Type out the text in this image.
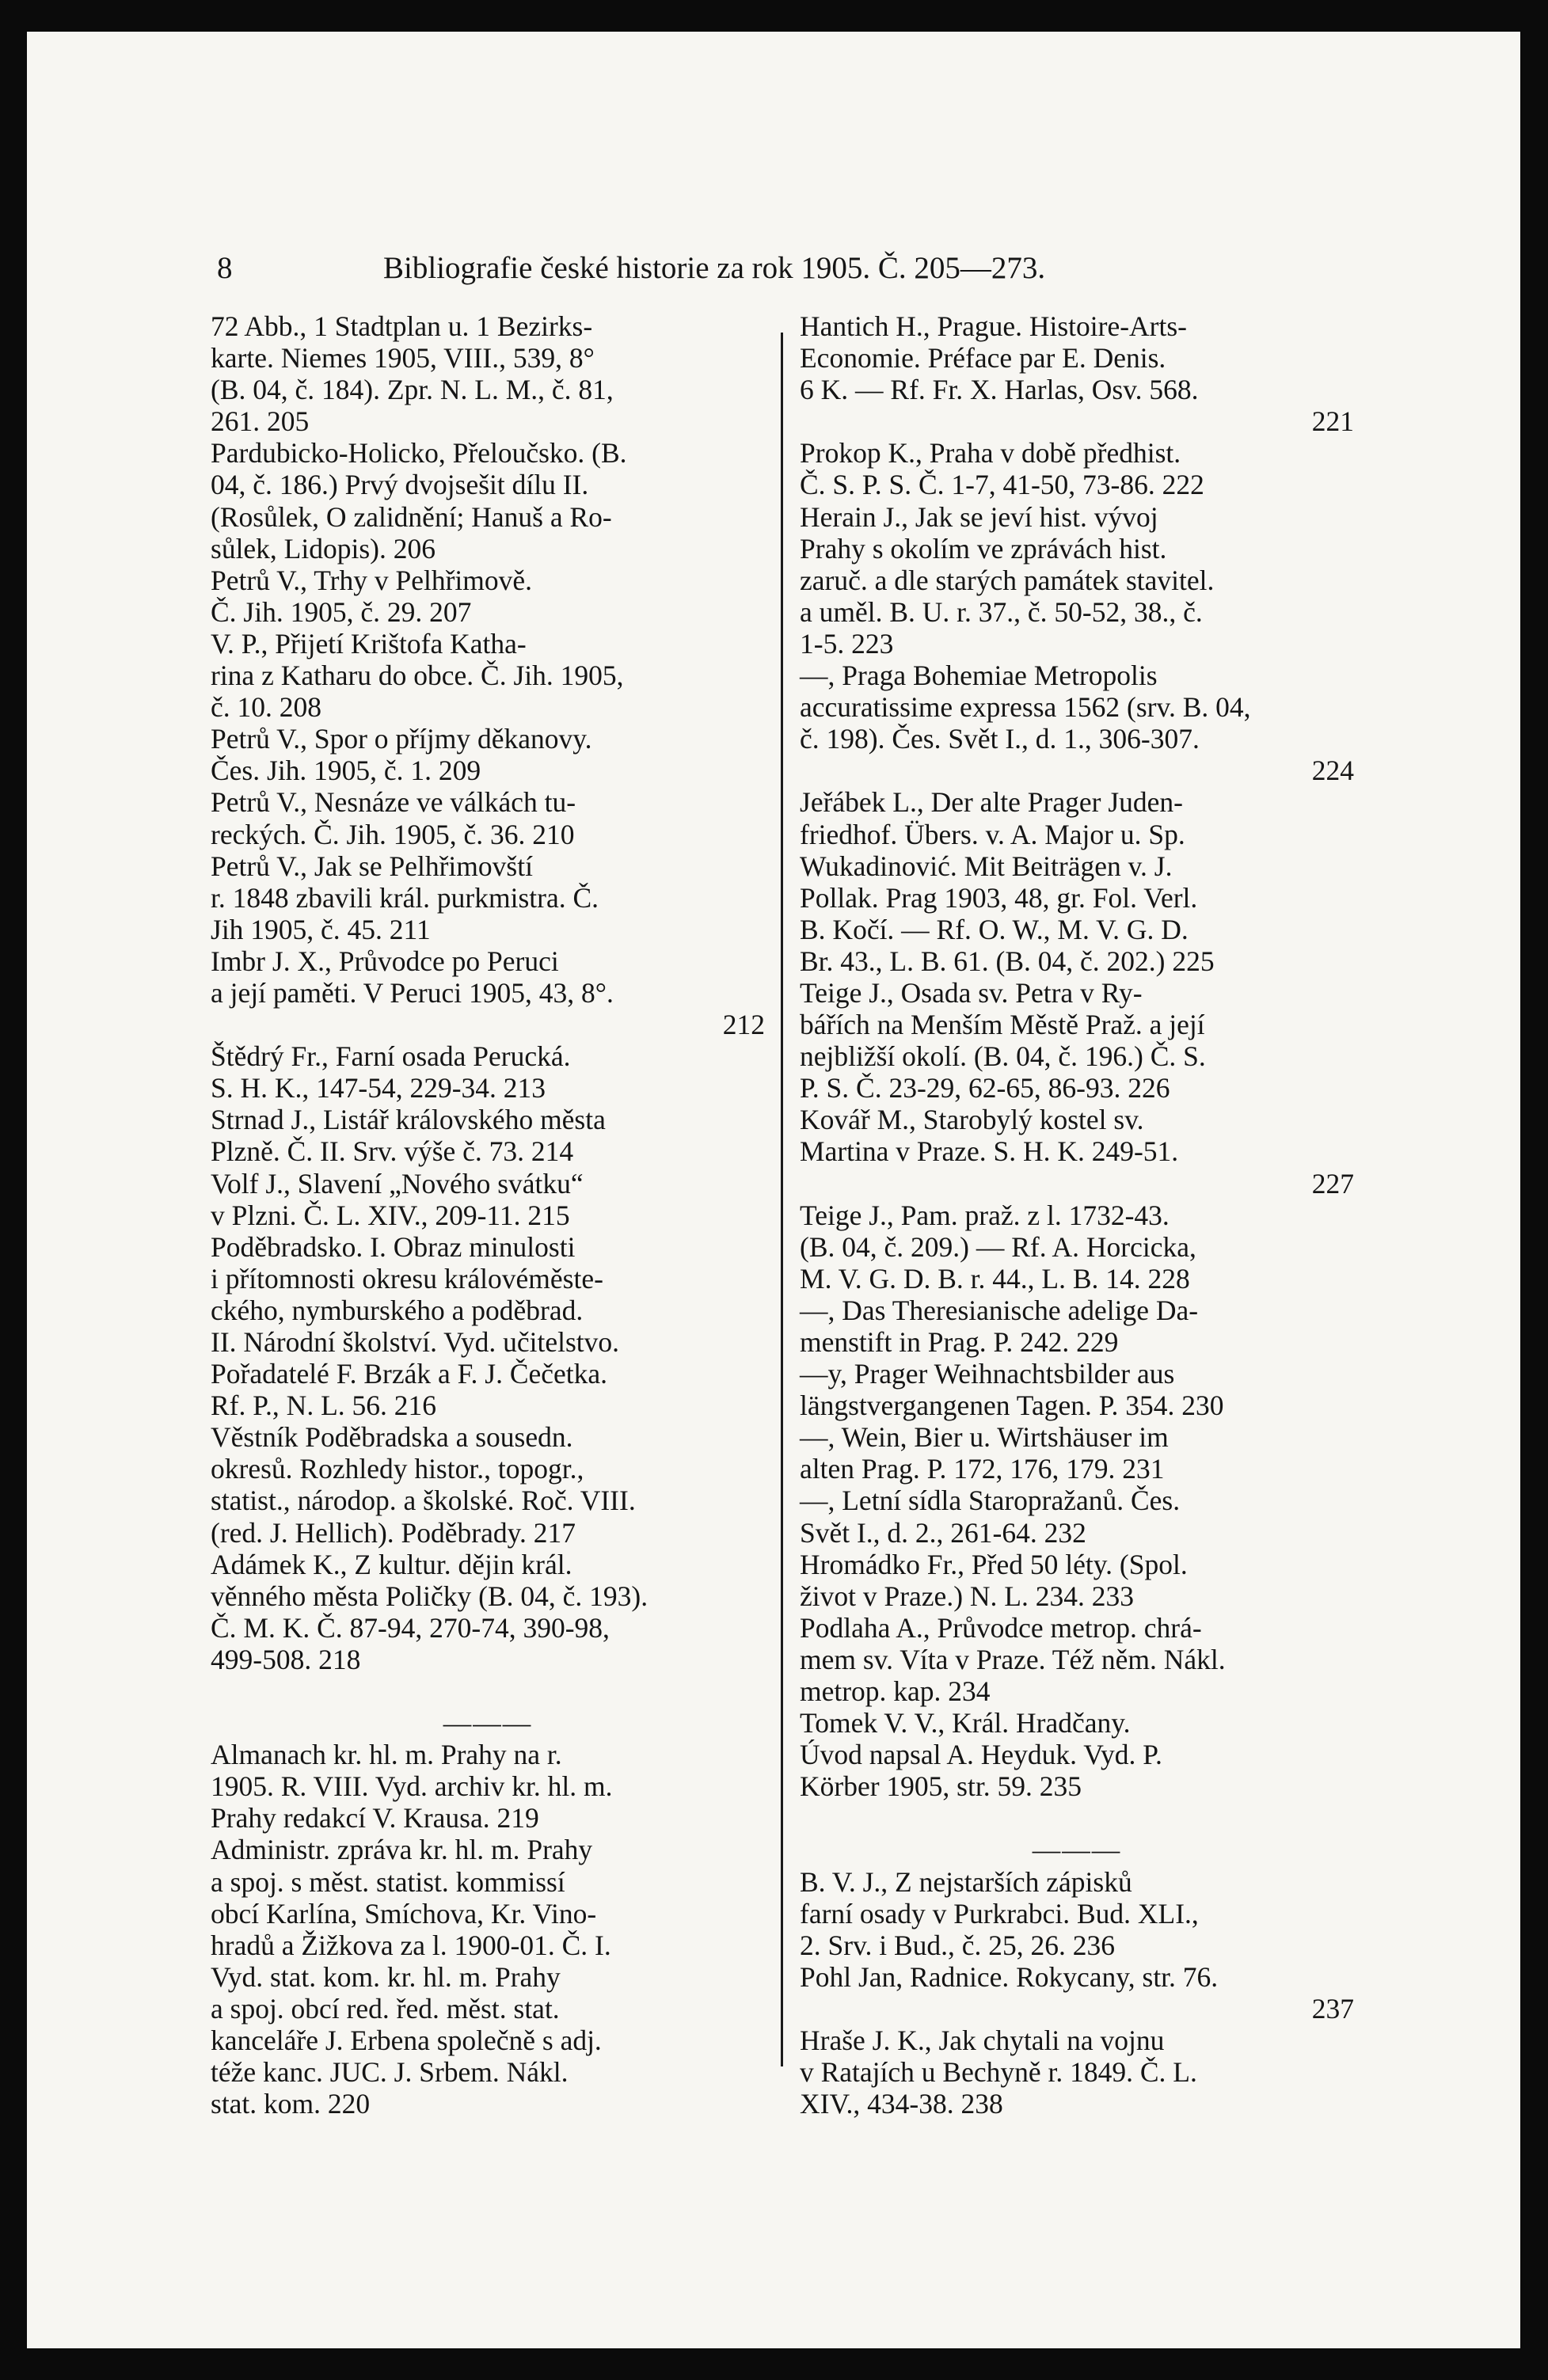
8	Bibliografie české historie za rok 1905. Č. 205—273.
72 Abb., 1 Stadtplan u. 1 Bezirks-
karte. Niemes 1905, VIII., 539, 8°
(B. 04, č. 184). Zpr. N. L. M., č. 81,
261. 205
Pardubicko-Holicko, Přeloučsko. (B.
04, č. 186.) Prvý dvojsešit dílu II.
(Rosůlek, O zalidnění; Hanuš a Ro-
sůlek, Lidopis). 206
Petrů V., Trhy v Pelhřimově.
Č. Jih. 1905, č. 29. 207
V. P., Přijetí Krištofa Katha-
rina z Katharu do obce. Č. Jih. 1905,
č. 10. 208
Petrů V., Spor o příjmy děkanovy.
Čes. Jih. 1905, č. 1. 209
Petrů V., Nesnáze ve válkách tu-
reckých. Č. Jih. 1905, č. 36. 210
Petrů V., Jak se Pelhřimovští
r. 1848 zbavili král. purkmistra. Č.
Jih 1905, č. 45. 211
Imbr J. X., Průvodce po Peruci
a její paměti. V Peruci 1905, 43, 8°.
212
Štědrý Fr., Farní osada Perucká.
S. H. K., 147-54, 229-34. 213
Strnad J., Listář královského města
Plzně. Č. II. Srv. výše č. 73. 214
Volf J., Slavení „Nového svátku“
v Plzni. Č. L. XIV., 209-11. 215
Poděbradsko. I. Obraz minulosti
i přítomnosti okresu královéměste-
ckého, nymburského a poděbrad.
II. Národní školství. Vyd. učitelstvo.
Pořadatelé F. Brzák a F. J. Čečetka.
Rf. P., N. L. 56. 216
Věstník Poděbradska a sousedn.
okresů. Rozhledy histor., topogr.,
statist., národop. a školské. Roč. VIII.
(red. J. Hellich). Poděbrady. 217
Adámek K., Z kultur. dějin král.
věnného města Poličky (B. 04, č. 193).
Č. M. K. Č. 87-94, 270-74, 390-98,
499-508. 218
———
Almanach kr. hl. m. Prahy na r.
1905. R. VIII. Vyd. archiv kr. hl. m.
Prahy redakcí V. Krausa. 219
Administr. zpráva kr. hl. m. Prahy
a spoj. s měst. statist. kommissí
obcí Karlína, Smíchova, Kr. Vino-
hradů a Žižkova za l. 1900-01. Č. I.
Vyd. stat. kom. kr. hl. m. Prahy
a spoj. obcí red. řed. měst. stat.
kanceláře J. Erbena společně s adj.
téže kanc. JUC. J. Srbem. Nákl.
stat. kom. 220
Hantich H., Prague. Histoire-Arts-
Economie. Préface par E. Denis.
6 K. — Rf. Fr. X. Harlas, Osv. 568.
221
Prokop K., Praha v době předhist.
Č. S. P. S. Č. 1-7, 41-50, 73-86. 222
Herain J., Jak se jeví hist. vývoj
Prahy s okolím ve zprávách hist.
zaruč. a dle starých památek stavitel.
a uměl. B. U. r. 37., č. 50-52, 38., č.
1-5. 223
—, Praga Bohemiae Metropolis
accuratissime expressa 1562 (srv. B. 04,
č. 198). Čes. Svět I., d. 1., 306-307.
224
Jeřábek L., Der alte Prager Juden-
friedhof. Übers. v. A. Major u. Sp.
Wukadinović. Mit Beiträgen v. J.
Pollak. Prag 1903, 48, gr. Fol. Verl.
B. Kočí. — Rf. O. W., M. V. G. D.
Br. 43., L. B. 61. (B. 04, č. 202.) 225
Teige J., Osada sv. Petra v Ry-
bářích na Menším Městě Praž. a její
nejbližší okolí. (B. 04, č. 196.) Č. S.
P. S. Č. 23-29, 62-65, 86-93. 226
Kovář M., Starobylý kostel sv.
Martina v Praze. S. H. K. 249-51.
227
Teige J., Pam. praž. z l. 1732-43.
(B. 04, č. 209.) — Rf. A. Horcicka,
M. V. G. D. B. r. 44., L. B. 14. 228
—, Das Theresianische adelige Da-
menstift in Prag. P. 242. 229
—y, Prager Weihnachtsbilder aus
längstvergangenen Tagen. P. 354. 230
—, Wein, Bier u. Wirtshäuser im
alten Prag. P. 172, 176, 179. 231
—, Letní sídla Staropražanů. Čes.
Svět I., d. 2., 261-64. 232
Hromádko Fr., Před 50 léty. (Spol.
život v Praze.) N. L. 234. 233
Podlaha A., Průvodce metrop. chrá-
mem sv. Víta v Praze. Též něm. Nákl.
metrop. kap. 234
Tomek V. V., Král. Hradčany.
Úvod napsal A. Heyduk. Vyd. P.
Körber 1905, str. 59. 235
———
B. V. J., Z nejstarších zápisků
farní osady v Purkrabci. Bud. XLI.,
2. Srv. i Bud., č. 25, 26. 236
Pohl Jan, Radnice. Rokycany, str. 76.
237
Hraše J. K., Jak chytali na vojnu
v Ratajích u Bechyně r. 1849. Č. L.
XIV., 434-38. 238
